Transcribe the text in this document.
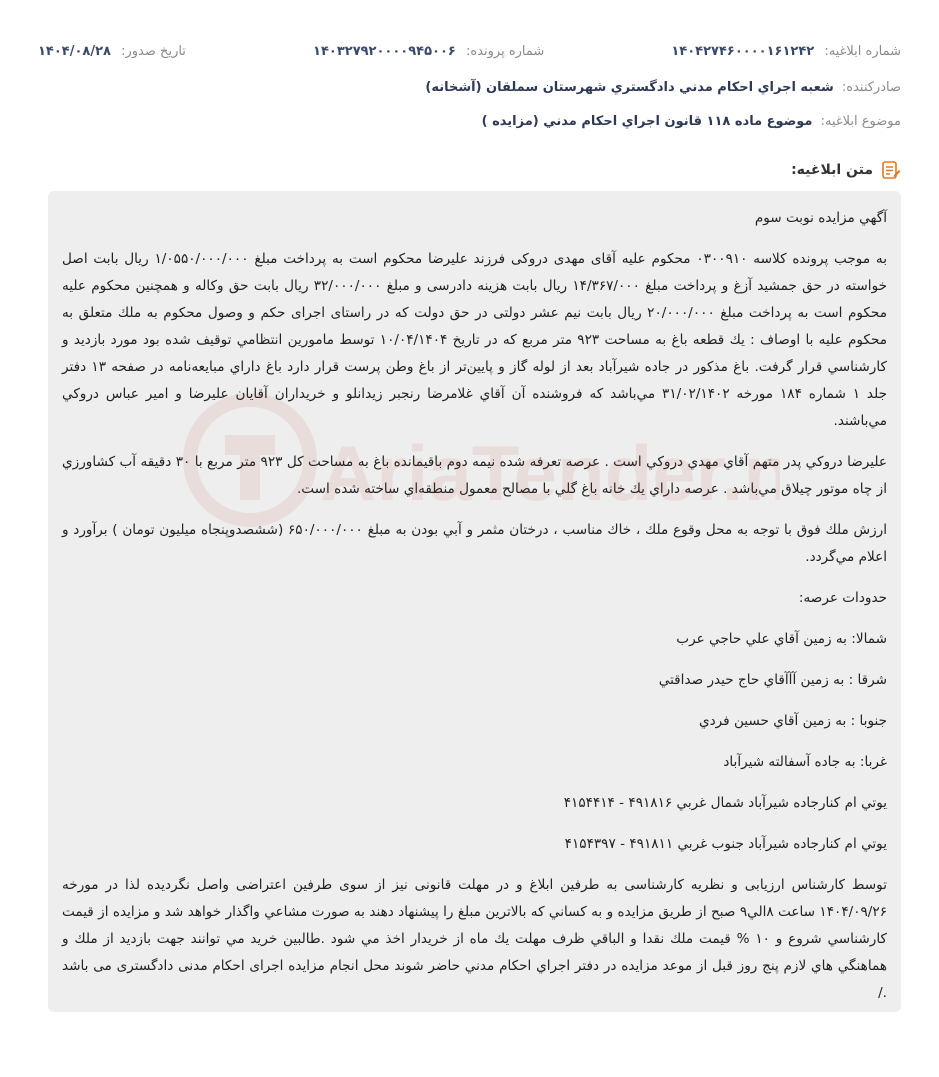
شماره ابلاغیه: ۱۴۰۴۲۷۴۶۰۰۰۰۱۶۱۲۴۲
شماره پرونده: ۱۴۰۳۲۷۹۲۰۰۰۰۹۴۵۰۰۶
تاریخ صدور: ۱۴۰۴/۰۸/۲۸
صادرکننده: شعبه اجراي احكام مدني دادگستري شهرستان سملقان (آشخانه)
موضوع ابلاغیه: موضوع ماده ۱۱۸ قانون اجراي احكام مدني (مزايده )
متن ابلاغیه:

آگهي مزايده نوبت سوم

به موجب پرونده كلاسه ۰۳۰۰۹۱۰ محكوم عليه آقای مهدی دروكی فرزند عليرضا محكوم است به پرداخت مبلغ ۱/۰۵۵۰/۰۰۰/۰۰۰ ريال بابت اصل خواسته در حق جمشيد آزغ و پرداخت مبلغ ۱۴/۳۶۷/۰۰۰ ريال بابت هزينه دادرسی و مبلغ ۳۲/۰۰۰/۰۰۰ ريال بابت حق وكاله و همچنين محكوم عليه محكوم است به پرداخت مبلغ ۲۰/۰۰۰/۰۰۰ ريال بابت نيم عشر دولتی در حق دولت كه در راستای اجرای حكم و وصول محكوم به ملك متعلق به محكوم عليه با اوصاف : يك قطعه باغ به مساحت ۹۲۳ متر مربع كه در تاريخ ۱۰/۰۴/۱۴۰۴ توسط مامورين انتظامي توقيف شده بود مورد بازديد و كارشناسي قرار گرفت. باغ مذكور در جاده شيرآباد بعد از لوله گاز و پايين‌تر از باغ وطن پرست قرار دارد باغ داراي مبايعه‌نامه در صفحه ۱۳ دفتر جلد ۱ شماره ۱۸۴ مورخه ۳۱/۰۲/۱۴۰۲ مي‌باشد كه فروشنده آن آقاي غلامرضا رنجبر زيدانلو و خريداران آقايان عليرضا و امير عباس دروكي مي‌باشند.

عليرضا دروكي پدر متهم آقاي مهدي دروكي است . عرصه تعرفه شده نيمه دوم باقيمانده باغ به مساحت كل ۹۲۳ متر مربع با ۳۰ دقيقه آب كشاورزي از چاه موتور چيلاق مي‌باشد . عرصه داراي يك خانه باغ گلي با مصالح معمول منطقه‌اي ساخته شده است.

ارزش ملك فوق با توجه به محل وقوع ملك ، خاك مناسب ، درختان مثمر و آبي بودن به مبلغ ۶۵۰/۰۰۰/۰۰۰ (ششصدوپنجاه ميليون تومان ) برآورد و اعلام مي‌گردد.

حدودات عرصه:

شمالا: به زمين آقاي علي حاجي عرب

شرقا : به زمين آآآقاي حاج حيدر صداقتي

جنوبا : به زمين آقاي حسين فردي

غربا: به جاده آسفالته شيرآباد

يوتي ام كنارجاده شيرآباد شمال غربي ۴۹۱۸۱۶ - ۴۱۵۴۴۱۴

يوتي ام كنارجاده شيرآباد جنوب غربي ۴۹۱۸۱۱ - ۴۱۵۴۳۹۷

توسط كارشناس ارزيابی و نظريه كارشناسی به طرفين ابلاغ و در مهلت قانونی نيز از سوی طرفين اعتراضی واصل نگرديده لذا در مورخه ۱۴۰۴/۰۹/۲۶ ساعت ۸الي۹ صبح از طريق مزايده و به كساني كه بالاترين مبلغ را پيشنهاد دهند به صورت مشاعي واگذار خواهد شد و مزايده از قيمت كارشناسي شروع و ۱۰ % قيمت ملك نقدا و الباقي ظرف مهلت يك ماه از خريدار اخذ مي شود .طالبين خريد مي توانند جهت بازديد از ملك و هماهنگي هاي لازم پنج روز قبل از موعد مزايده در دفتر اجراي احكام مدني حاضر شوند محل انجام مزايده اجرای احكام مدنی دادگستری می باشد ./
